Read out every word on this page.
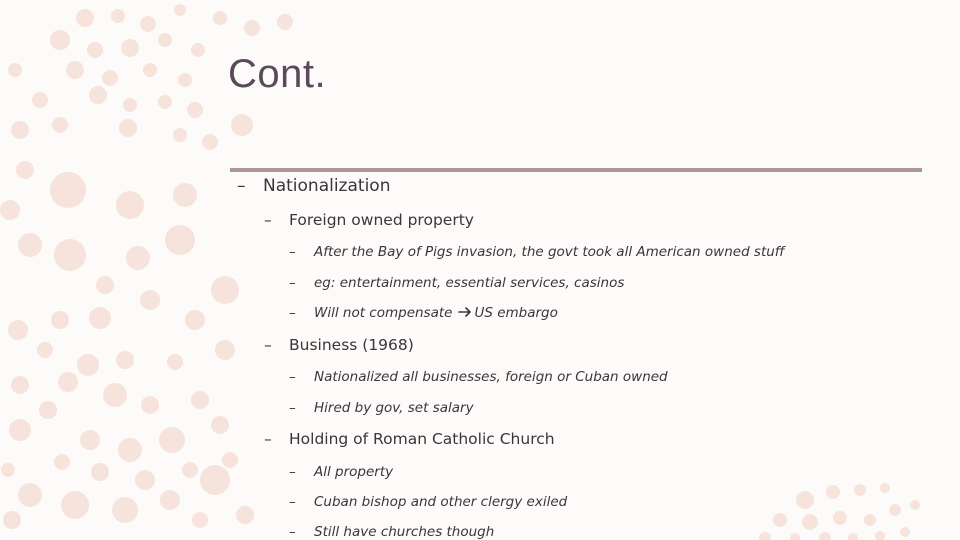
Cont.
– Nationalization
– Foreign owned property
– After the Bay of Pigs invasion, the govt took all American owned stuff
– eg: entertainment, essential services, casinos
– Will not compensate US embargo
– Business (1968)
– Nationalized all businesses, foreign or Cuban owned
– Hired by gov, set salary
– Holding of Roman Catholic Church
– All property
– Cuban bishop and other clergy exiled
– Still have churches though
